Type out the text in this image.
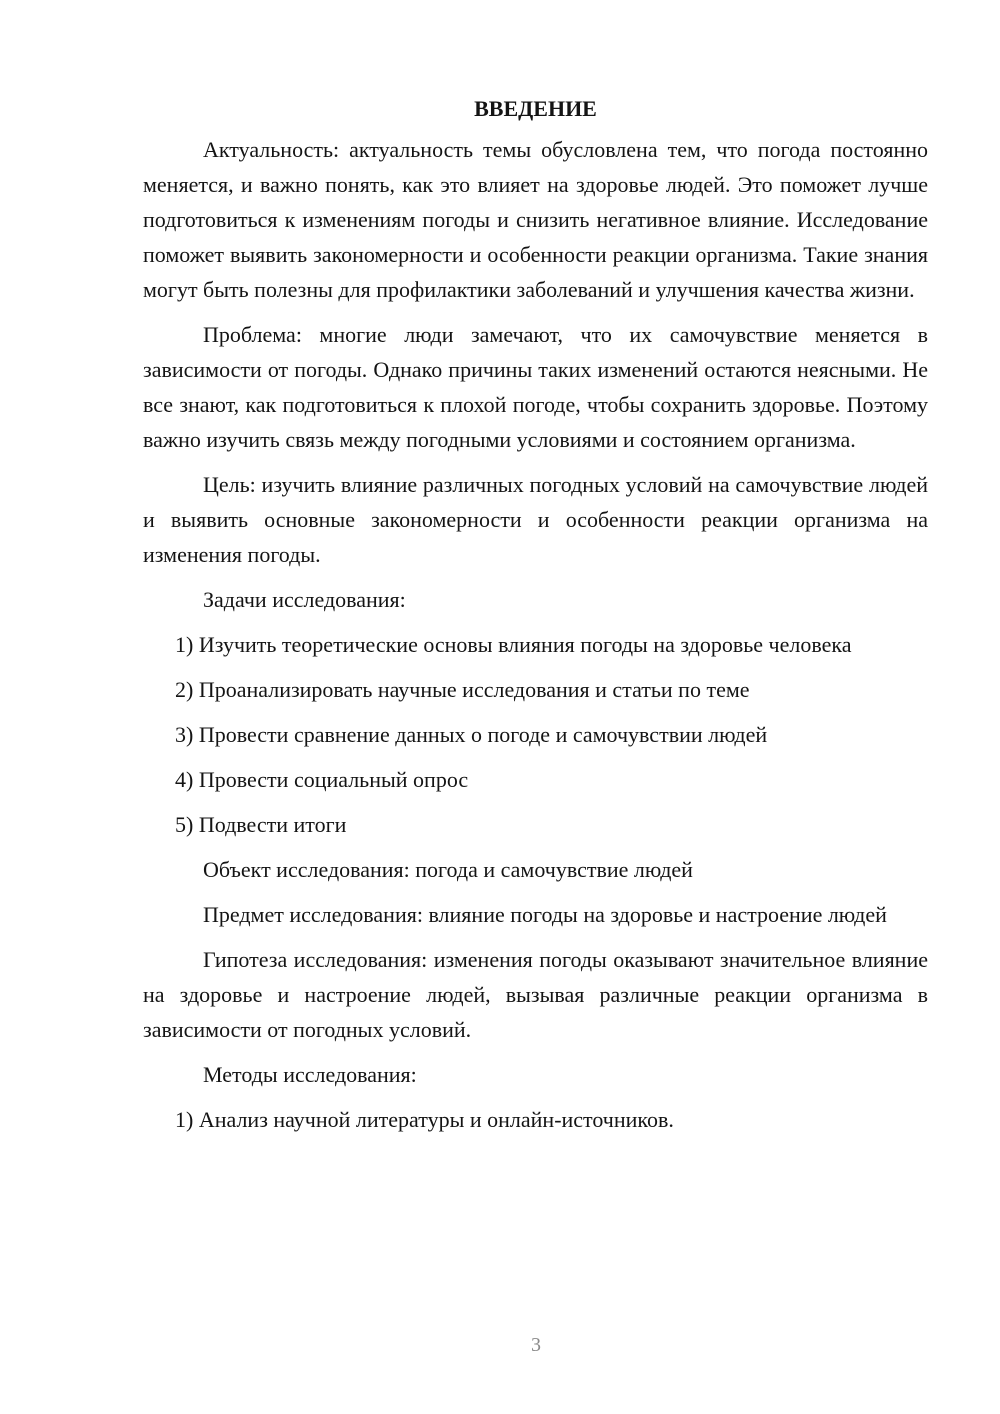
ВВЕДЕНИЕ

Актуальность: актуальность темы обусловлена тем, что погода постоянно меняется, и важно понять, как это влияет на здоровье людей. Это поможет лучше подготовиться к изменениям погоды и снизить негативное влияние. Исследование поможет выявить закономерности и особенности реакции организма. Такие знания могут быть полезны для профилактики заболеваний и улучшения качества жизни.

Проблема: многие люди замечают, что их самочувствие меняется в зависимости от погоды. Однако причины таких изменений остаются неясными. Не все знают, как подготовиться к плохой погоде, чтобы сохранить здоровье. Поэтому важно изучить связь между погодными условиями и состоянием организма.

Цель: изучить влияние различных погодных условий на самочувствие людей и выявить основные закономерности и особенности реакции организма на изменения погоды.

Задачи исследования:

1) Изучить теоретические основы влияния погоды на здоровье человека

2) Проанализировать научные исследования и статьи по теме

3) Провести сравнение данных о погоде и самочувствии людей

4) Провести социальный опрос

5) Подвести итоги

Объект исследования: погода и самочувствие людей

Предмет исследования: влияние погоды на здоровье и настроение людей

Гипотеза исследования: изменения погоды оказывают значительное влияние на здоровье и настроение людей, вызывая различные реакции организма в зависимости от погодных условий.

Методы исследования:

1) Анализ научной литературы и онлайн-источников.

3
